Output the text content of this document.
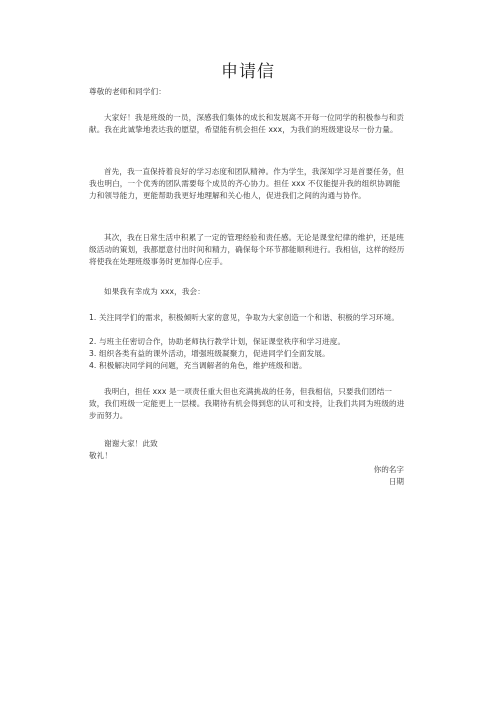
申请信
尊敬的老师和同学们：
大家好！我是班级的一员，深感我们集体的成长和发展离不开每一位同学的积极参与和贡献。我在此诚挚地表达我的愿望，希望能有机会担任 xxx，为我们的班级建设尽一份力量。
首先，我一直保持着良好的学习态度和团队精神。作为学生，我深知学习是首要任务，但我也明白，一个优秀的团队需要每个成员的齐心协力。担任 xxx 不仅能提升我的组织协调能力和领导能力，更能帮助我更好地理解和关心他人，促进我们之间的沟通与协作。
其次，我在日常生活中积累了一定的管理经验和责任感。无论是课堂纪律的维护，还是班级活动的策划，我都愿意付出时间和精力，确保每个环节都能顺利进行。我相信，这样的经历将使我在处理班级事务时更加得心应手。
如果我有幸成为 xxx，我会：
1. 关注同学们的需求，积极倾听大家的意见，争取为大家创造一个和谐、积极的学习环境。
2. 与班主任密切合作，协助老师执行教学计划，保证课堂秩序和学习进度。
3. 组织各类有益的课外活动，增强班级凝聚力，促进同学们全面发展。
4. 积极解决同学间的问题，充当调解者的角色，维护班级和谐。
我明白，担任 xxx 是一项责任重大但也充满挑战的任务，但我相信，只要我们团结一致，我们班级一定能更上一层楼。我期待有机会得到您的认可和支持，让我们共同为班级的进步而努力。
谢谢大家！此致
敬礼！
你的名字
日期
